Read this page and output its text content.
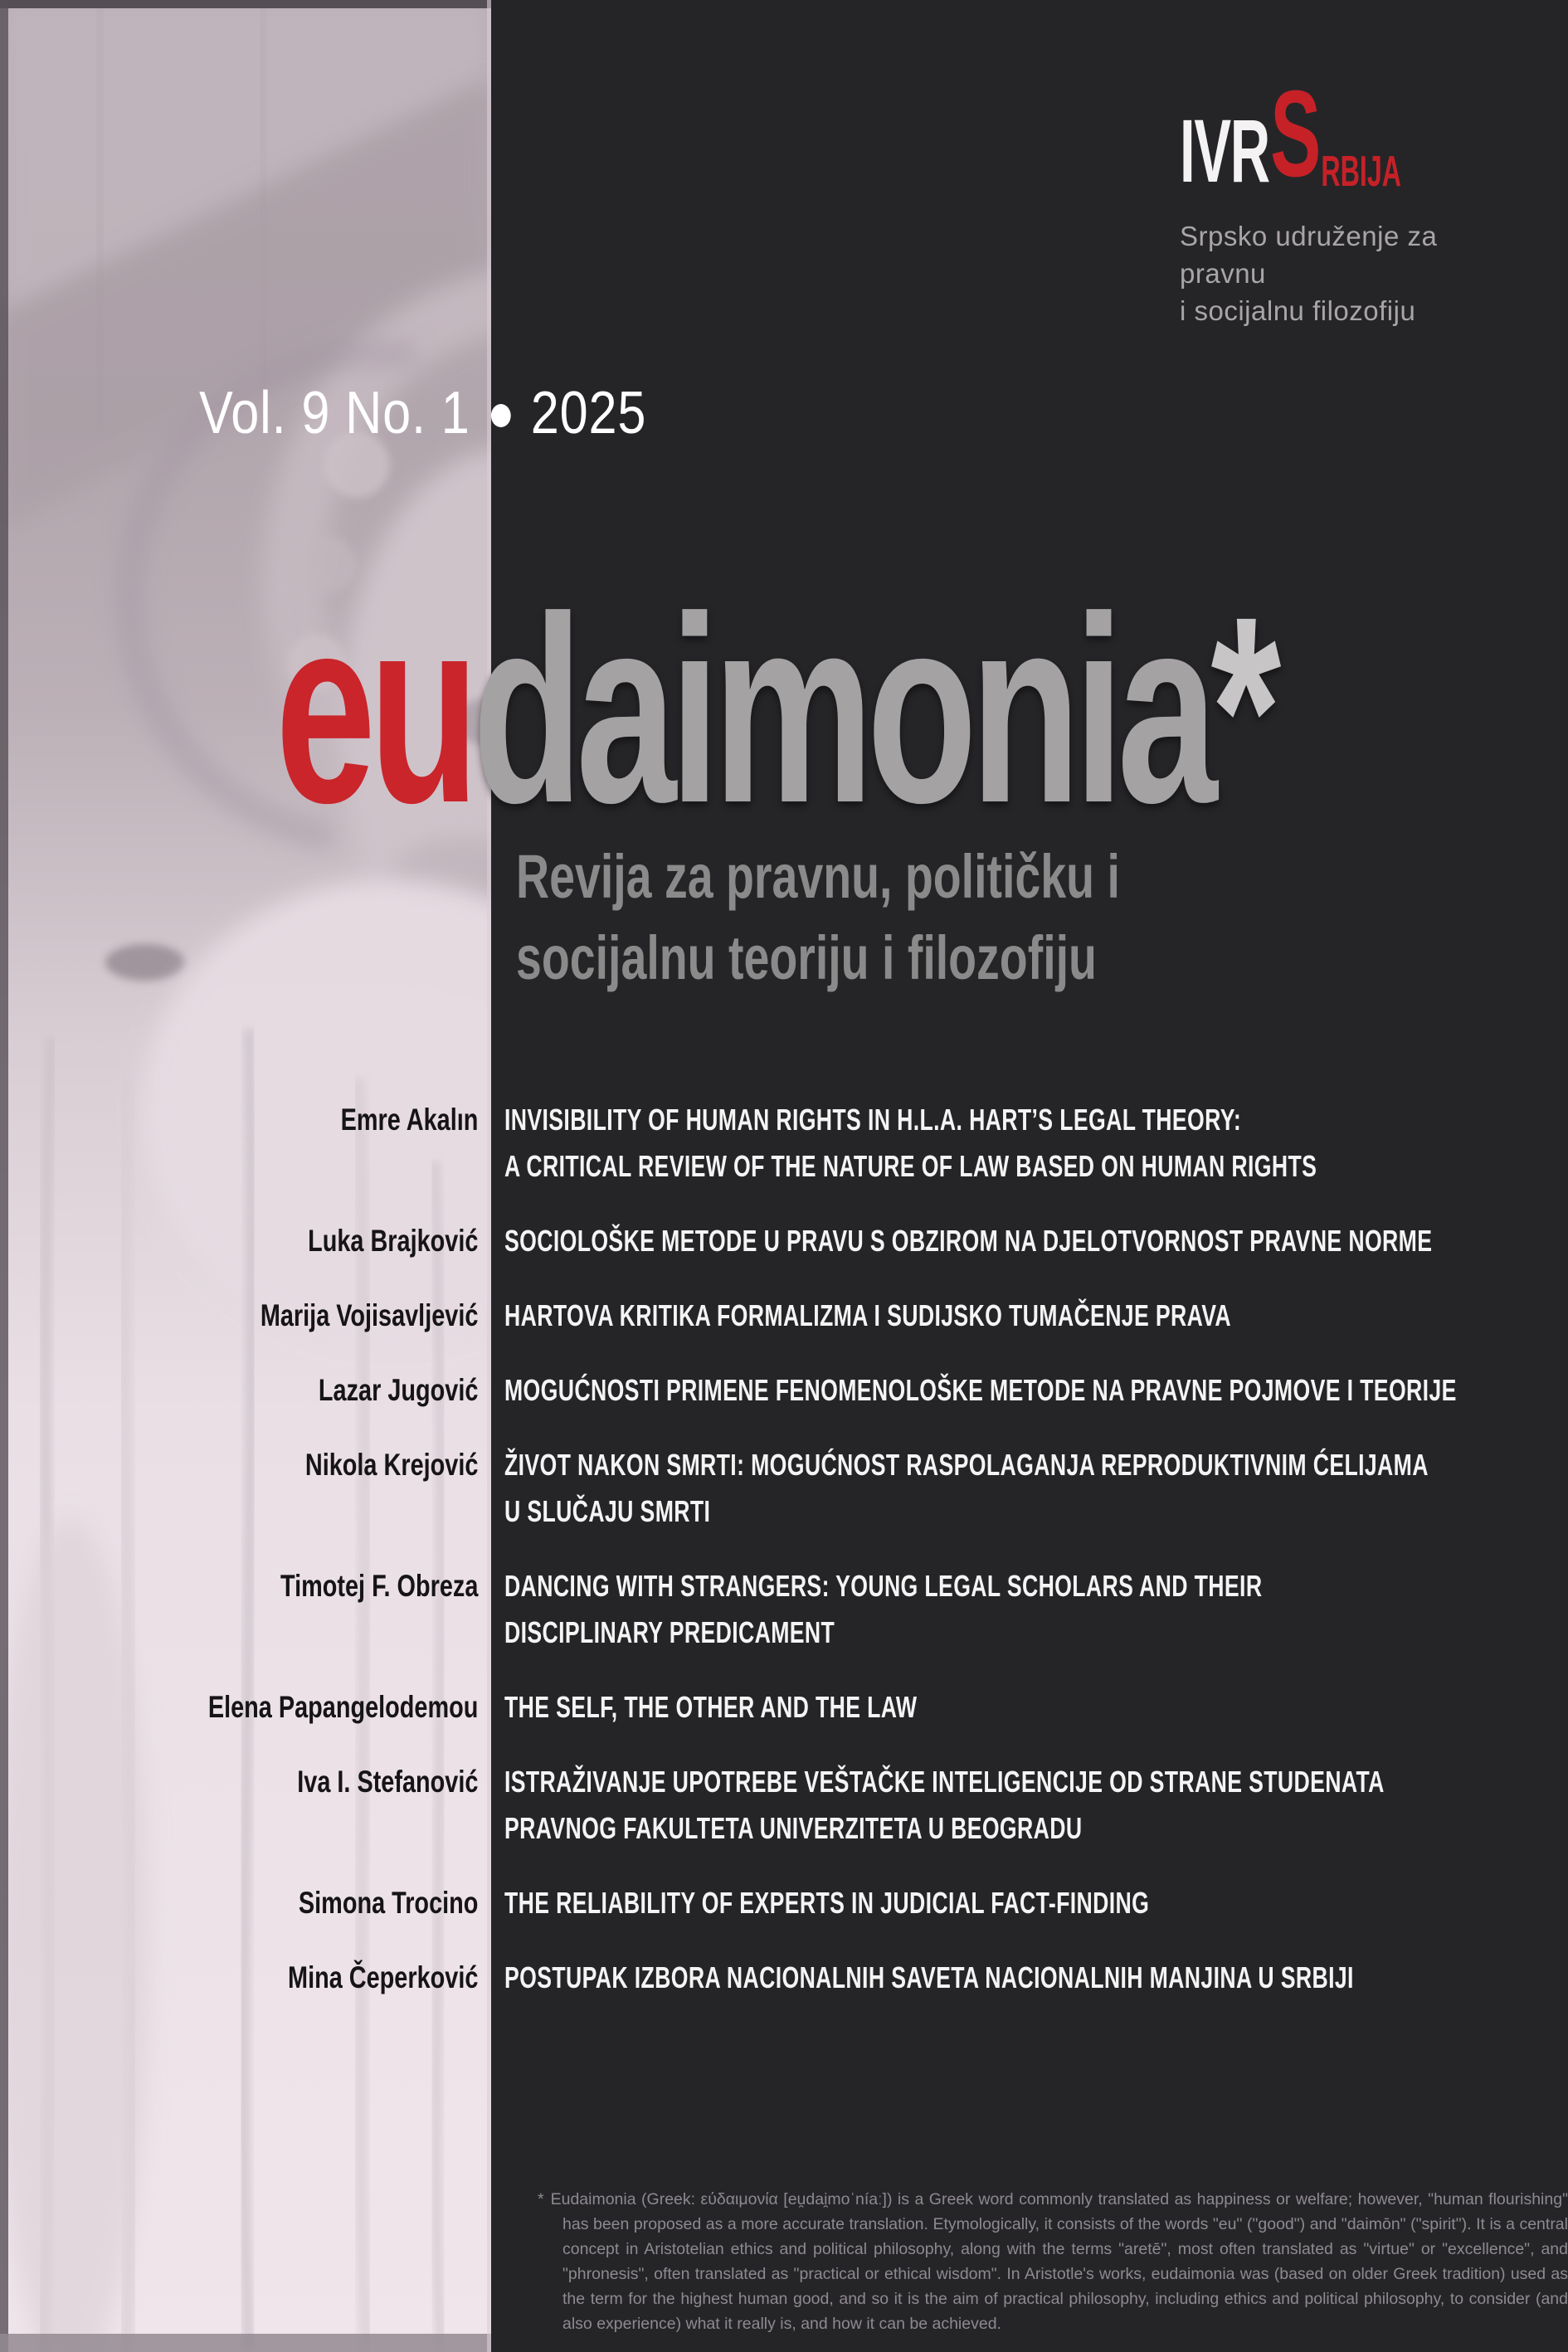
IVR S RBIJA
Srpsko udruženje za pravnu
i socijalnu filozofiju
Vol. 9 No. 1 2025
eudaimonia*
Revija za pravnu, političku i
socijalnu teoriju i filozofiju
Emre Akalın INVISIBILITY OF HUMAN RIGHTS IN H.L.A. HART’S LEGAL THEORY:
A CRITICAL REVIEW OF THE NATURE OF LAW BASED ON HUMAN RIGHTS
Luka Brajković SOCIOLOŠKE METODE U PRAVU S OBZIROM NA DJELOTVORNOST PRAVNE NORME
Marija Vojisavljević HARTOVA KRITIKA FORMALIZMA I SUDIJSKO TUMAČENJE PRAVA
Lazar Jugović MOGUĆNOSTI PRIMENE FENOMENOLOŠKE METODE NA PRAVNE POJMOVE I TEORIJE
Nikola Krejović ŽIVOT NAKON SMRTI: MOGUĆNOST RASPOLAGANJA REPRODUKTIVNIM ĆELIJAMA
U SLUČAJU SMRTI
Timotej F. Obreza DANCING WITH STRANGERS: YOUNG LEGAL SCHOLARS AND THEIR
DISCIPLINARY PREDICAMENT
Elena Papangelodemou THE SELF, THE OTHER AND THE LAW
Iva I. Stefanović ISTRAŽIVANJE UPOTREBE VEŠTAČKE INTELIGENCIJE OD STRANE STUDENATA
PRAVNOG FAKULTETA UNIVERZITETA U BEOGRADU
Simona Trocino THE RELIABILITY OF EXPERTS IN JUDICIAL FACT-FINDING
Mina Čeperković POSTUPAK IZBORA NACIONALNIH SAVETA NACIONALNIH MANJINA U SRBIJI
* Eudaimonia (Greek: εύδαιμονία [eu̯dai̯moˈníaː]) is a Greek word commonly translated as happiness or welfare; however, "human flourishing" has been proposed as a more accurate translation. Etymologically, it consists of the words "eu" ("good") and "daimōn" ("spirit"). It is a central concept in Aristotelian ethics and political philosophy, along with the terms "aretē", most often translated as "virtue" or "excellence", and "phronesis", often translated as "practical or ethical wisdom". In Aristotle's works, eudaimonia was (based on older Greek tradition) used as the term for the highest human good, and so it is the aim of practical philosophy, including ethics and political philosophy, to consider (and also experience) what it really is, and how it can be achieved.
